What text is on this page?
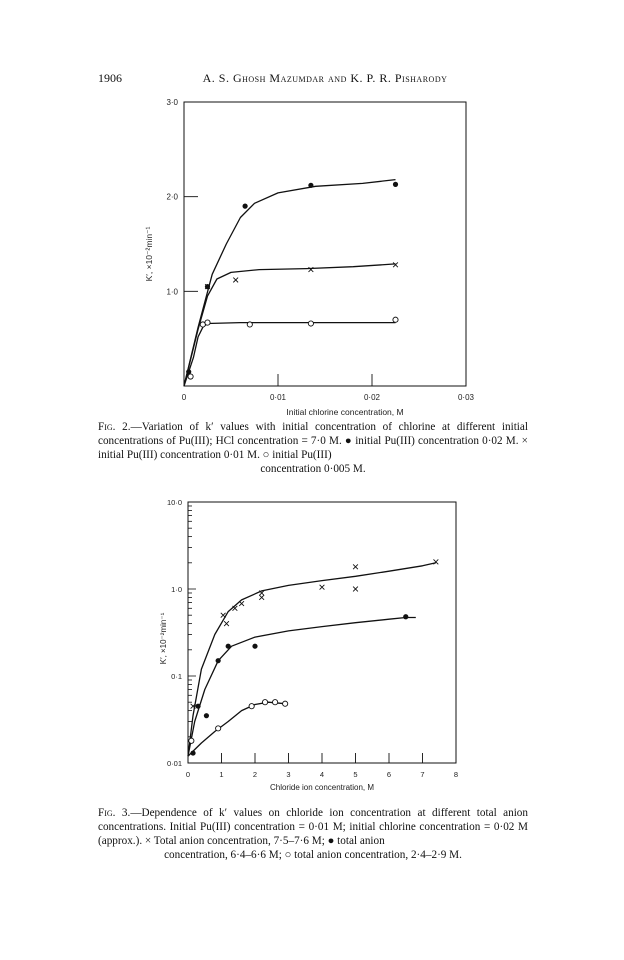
1906	A. S. Ghosh Mazumdar and K. P. R. Pisharody
0	0·01	0·02	0·03
1·0
2·0
3·0
Initial chlorine concentration, M
K′, ×10⁻²min⁻¹
0·01
0·1
1·0
10·0
0	1	2	3	4	5	6	7	8
Chloride ion concentration, M
K′, ×10⁻²min⁻¹
Fig. 2.—Variation of k′ values with initial concentration of chlorine at different initial concentrations of Pu(III); HCl concentration = 7·0 M. ● initial Pu(III) concentration 0·02 M. × initial Pu(III) concentration 0·01 M. ○ initial Pu(III)
concentration 0·005 M.
Fig. 3.—Dependence of k′ values on chloride ion concentration at different total anion concentrations. Initial Pu(III) concentration = 0·01 M; initial chlorine concentration = 0·02 M (approx.). × Total anion concentration, 7·5–7·6 M; ● total anion
concentration, 6·4–6·6 M; ○ total anion concentration, 2·4–2·9 M.
